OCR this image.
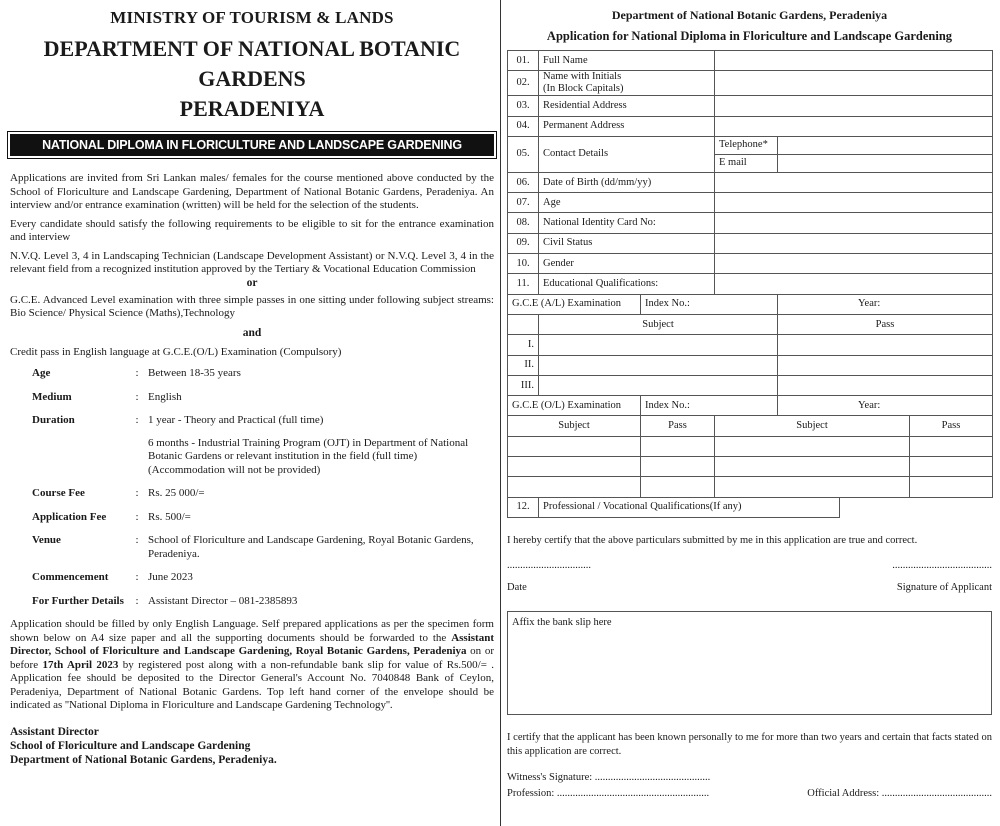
MINISTRY OF TOURISM & LANDS
DEPARTMENT OF NATIONAL BOTANIC GARDENS
PERADENIYA
NATIONAL DIPLOMA IN FLORICULTURE AND LANDSCAPE GARDENING TECHNOLOGY

Applications are invited from Sri Lankan males/ females for the course mentioned above conducted by the School of Floriculture and Landscape Gardening, Department of National Botanic Gardens, Peradeniya. An interview and/or entrance examination (written) will be held for the selection of the students.

Every candidate should satisfy the following requirements to be eligible to sit for the entrance examination and interview

N.V.Q. Level 3, 4 in Landscaping Technician (Landscape Development Assistant) or N.V.Q. Level 3, 4 in the relevant field from a recognized institution approved by the Tertiary & Vocational Education Commission

or

G.C.E. Advanced Level examination with three simple passes in one sitting under following subject streams: Bio Science/ Physical Science (Maths),Technology

and

Credit pass in English language at G.C.E.(O/L) Examination (Compulsory)

Age	: Between 18-35 years
Medium	: English
Duration	: 1 year - Theory and Practical (full time)

6 months - Industrial Training Program (OJT) in Department of National Botanic Gardens or relevant institution in the field (full time) (Accommodation will not be provided)

Course Fee	: Rs. 25 000/=
Application Fee	: Rs. 500/=
Venue	: School of Floriculture and Landscape Gardening, Royal Botanic Gardens, Peradeniya.
Commencement	: June 2023
For Further Details	: Assistant Director – 081-2385893

Application should be filled by only English Language. Self prepared applications as per the specimen form shown below on A4 size paper and all the supporting documents should be forwarded to the Assistant Director, School of Floriculture and Landscape Gardening, Royal Botanic Gardens, Peradeniya on or before 17th April 2023 by registered post along with a non-refundable bank slip for value of Rs.500/= . Application fee should be deposited to the Director General's Account No. 7040848 Bank of Ceylon, Peradeniya, Department of National Botanic Gardens. Top left hand corner of the envelope should be indicated as ''National Diploma in Floriculture and Landscape Gardening Technology''.

Assistant Director
School of Floriculture and Landscape Gardening
Department of National Botanic Gardens, Peradeniya.
Department of National Botanic Gardens, Peradeniya
Application for National Diploma in Floriculture and Landscape Gardening
01.	Full Name					
02.	Name with Initials
(In Block Capitals)					

03.	Residential Address					
04.	Permanent Address					
05.	Contact Details		Telephone*			
			E mail			
06.	Date of Birth (dd/mm/yy)					
07.	Age					
08.	National Identity Card No:					
09.	Civil Status					
10.	Gender					
11.	Educational Qualifications:					
G.C.E (A/L) Examination		Index No.:		Year:		
	Subject			Pass		
I.						
II.						
III.						
G.C.E (O/L) Examination		Index No.:		Year:		
Subject		Pass	Subject			Pass

12.	Professional / Vocational Qualifications(If any)					

I hereby certify that the above particulars submitted by me in this application are true and correct.

................................
Date
......................................
Signature of Applicant
Affix the bank slip here

I certify that the applicant has been known personally to me for more than two years and certain that facts stated on this application are correct.

Witness's Signature: ............................................
Profession: ..........................................................	Official Address: ..........................................
